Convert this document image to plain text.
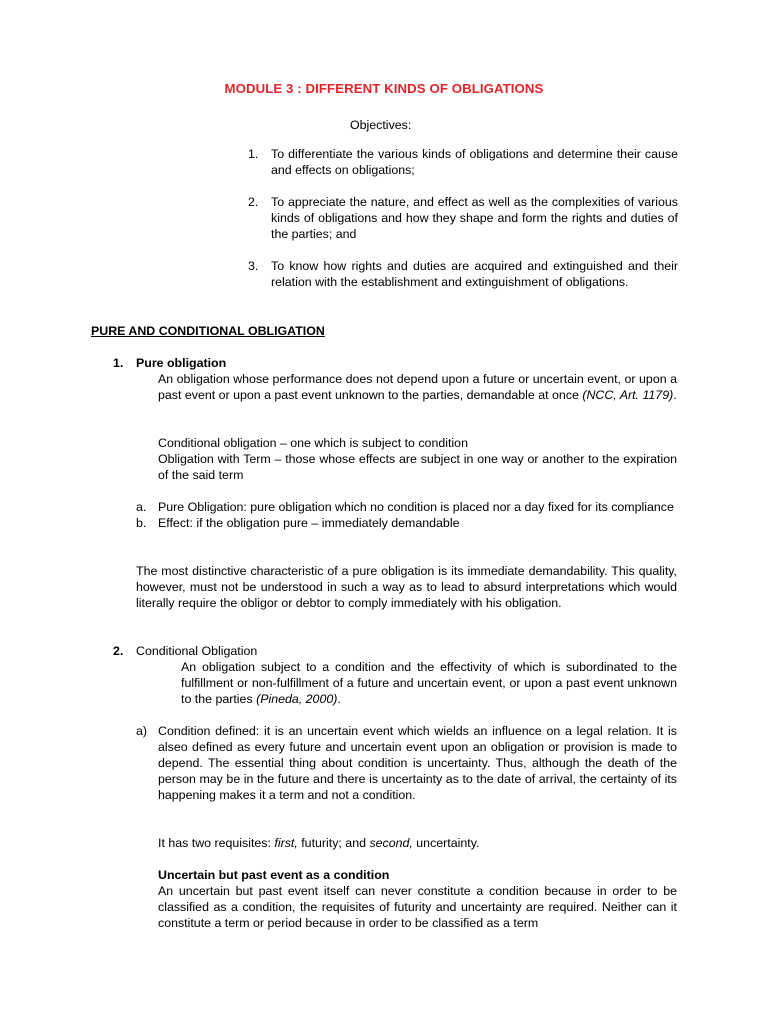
MODULE 3 : DIFFERENT KINDS OF OBLIGATIONS
Objectives:
1.	To differentiate the various kinds of obligations and determine their cause and effects on obligations;
2.	To appreciate the nature, and effect as well as the complexities of various kinds of obligations and how they shape and form the rights and duties of the parties; and
3.	To know how rights and duties are acquired and extinguished and their relation with the establishment and extinguishment of obligations.
PURE AND CONDITIONAL OBLIGATION
1.	Pure obligation

An obligation whose performance does not depend upon a future or uncertain event, or upon a past event or upon a past event unknown to the parties, demandable at once (NCC, Art. 1179).

Conditional obligation – one which is subject to condition

Obligation with Term – those whose effects are subject in one way or another to the expiration of the said term

a. Pure Obligation: pure obligation which no condition is placed nor a day fixed for its compliance
b. Effect: if the obligation pure – immediately demandable
The most distinctive characteristic of a pure obligation is its immediate demandability. This quality, however, must not be understood in such a way as to lead to absurd interpretations which would literally require the obligor or debtor to comply immediately with his obligation.
2.	Conditional Obligation

An obligation subject to a condition and the effectivity of which is subordinated to the fulfillment or non-fulfillment of a future and uncertain event, or upon a past event unknown to the parties (Pineda, 2000).

a) Condition defined: it is an uncertain event which wields an influence on a legal relation. It is alseo defined as every future and uncertain event upon an obligation or provision is made to depend. The essential thing about condition is uncertainty. Thus, although the death of the person may be in the future and there is uncertainty as to the date of arrival, the certainty of its happening makes it a term and not a condition.

It has two requisites: first, futurity; and second, uncertainty.

Uncertain but past event as a condition
An uncertain but past event itself can never constitute a condition because in order to be classified as a condition, the requisites of futurity and uncertainty are required. Neither can it constitute a term or period because in order to be classified as a term
